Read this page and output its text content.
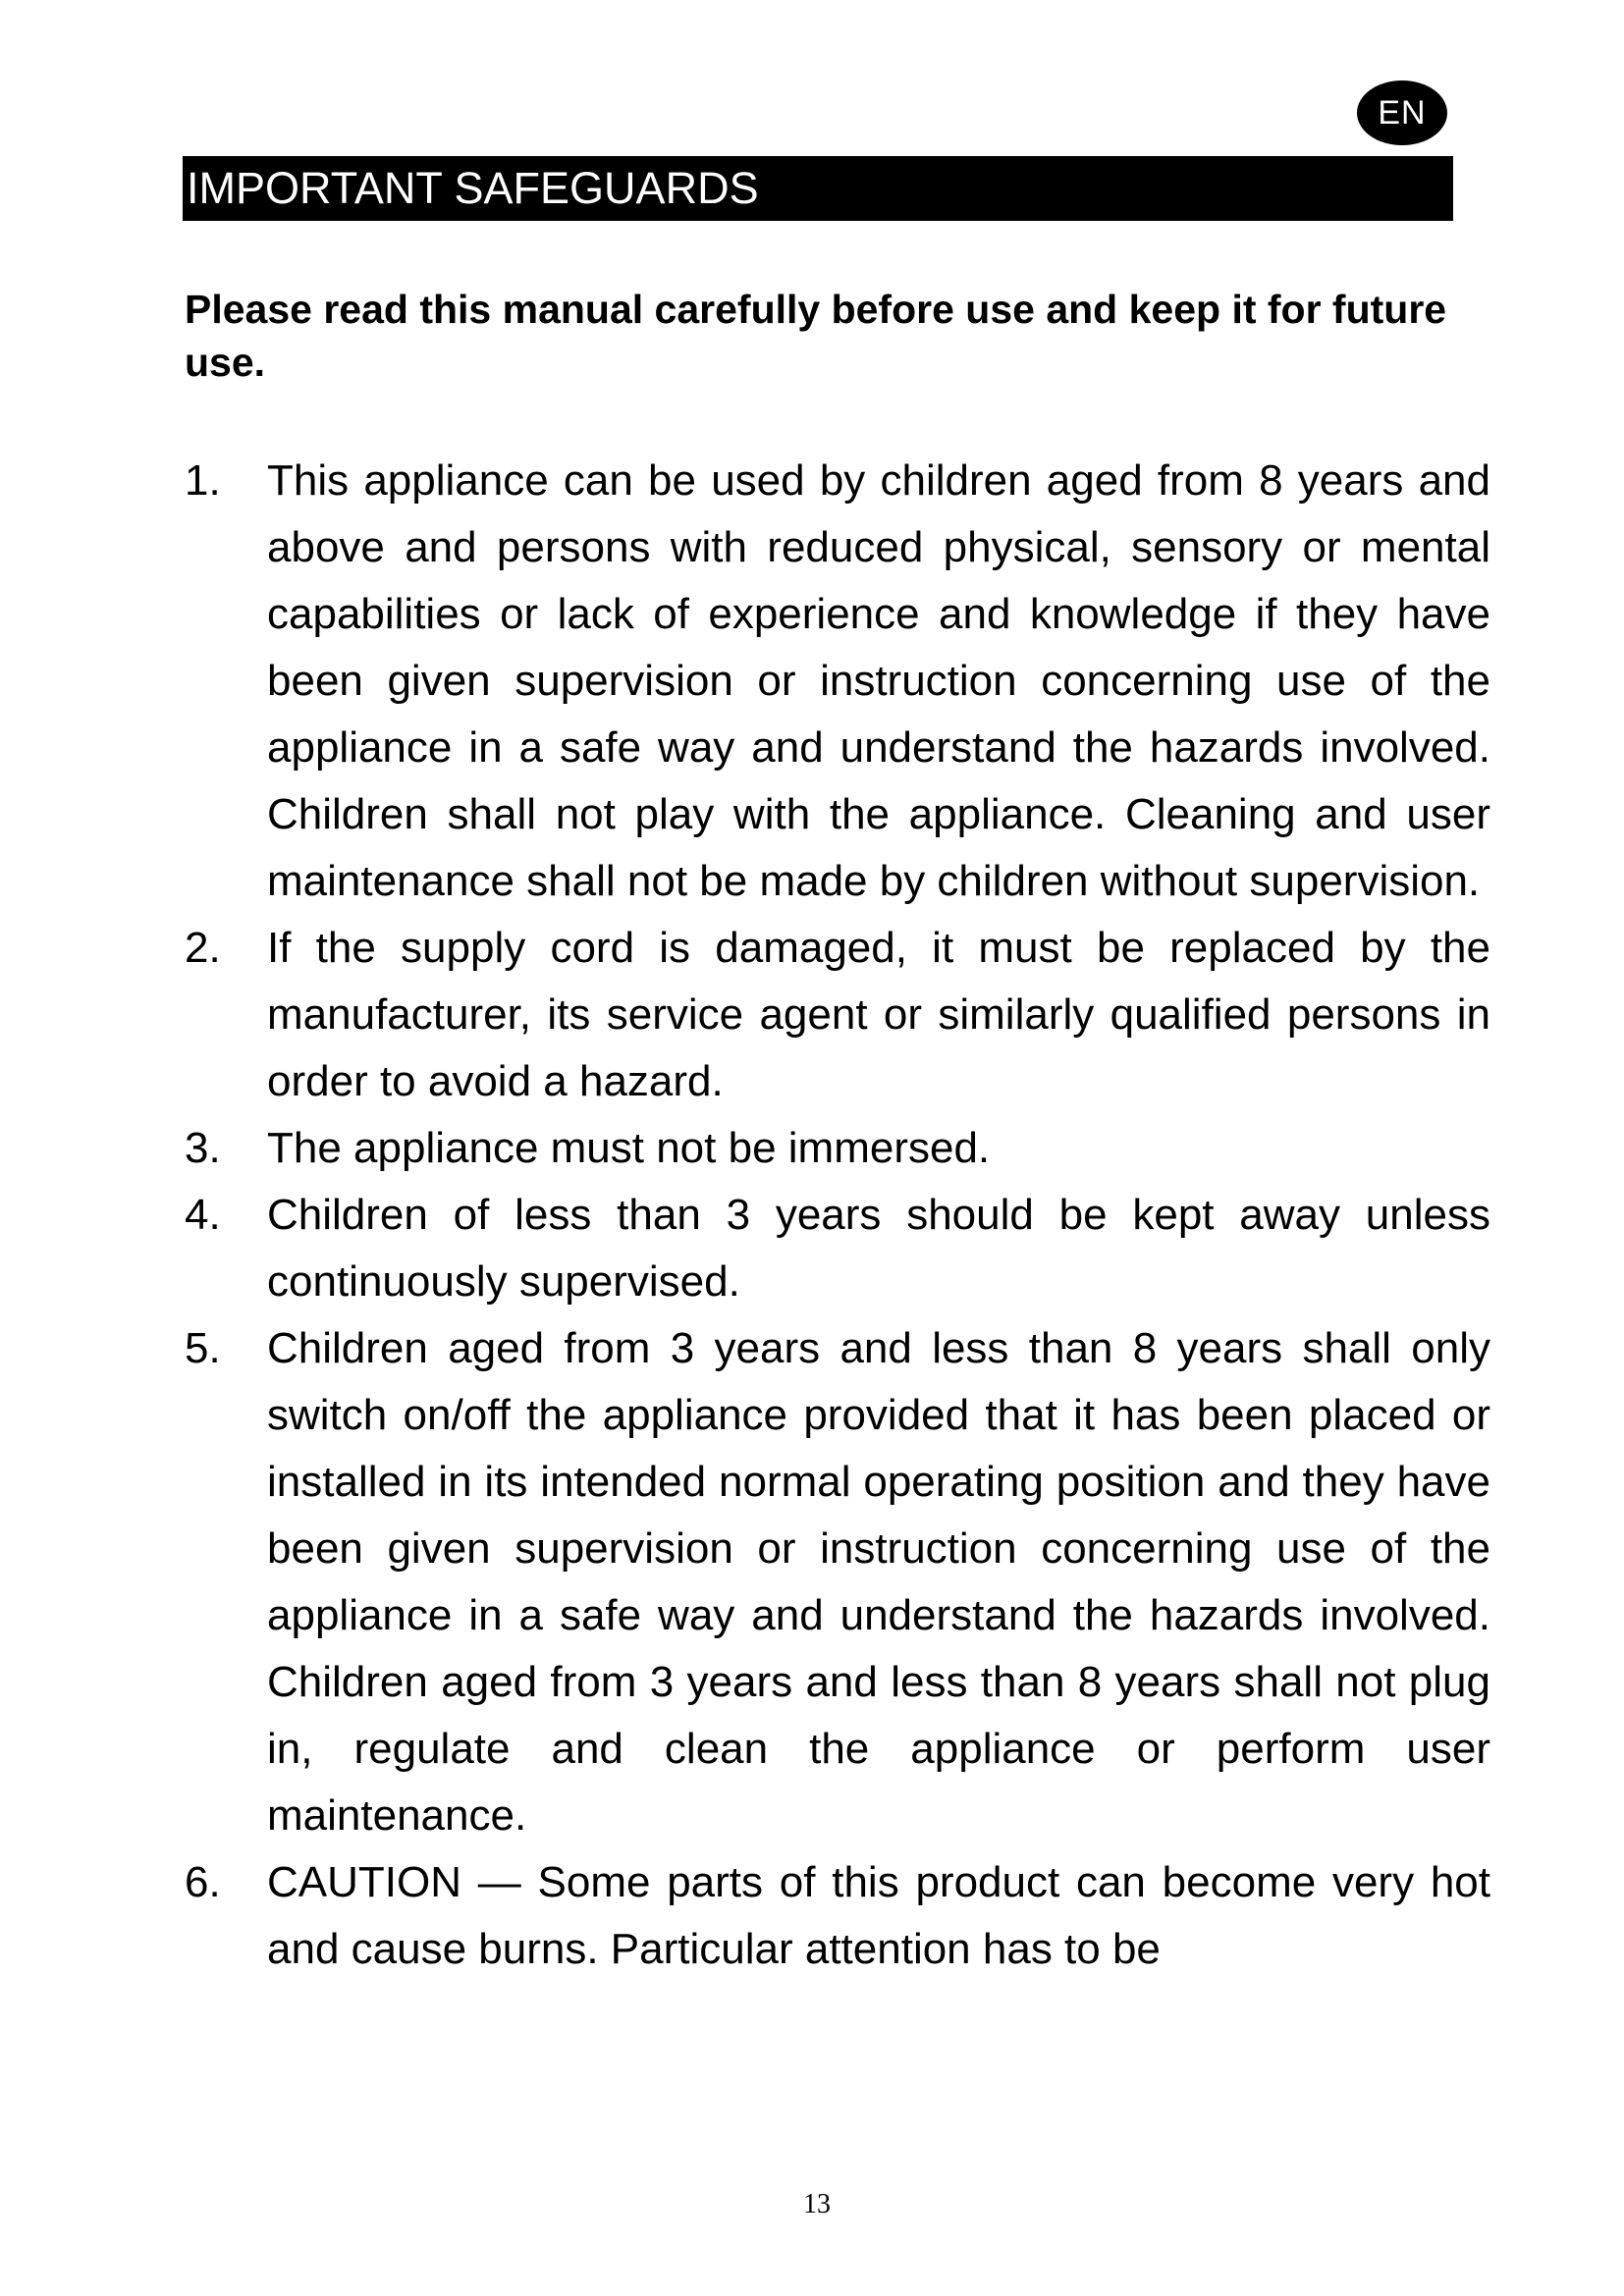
EN
IMPORTANT SAFEGUARDS
Please read this manual carefully before use and keep it for future use.
1. This appliance can be used by children aged from 8 years and above and persons with reduced physical, sensory or mental capabilities or lack of experience and knowledge if they have been given supervision or instruction concerning use of the appliance in a safe way and understand the hazards involved. Children shall not play with the appliance. Cleaning and user maintenance shall not be made by children without supervision.
2. If the supply cord is damaged, it must be replaced by the manufacturer, its service agent or similarly qualified persons in order to avoid a hazard.
3. The appliance must not be immersed.
4. Children of less than 3 years should be kept away unless continuously supervised.
5. Children aged from 3 years and less than 8 years shall only switch on/off the appliance provided that it has been placed or installed in its intended normal operating position and they have been given supervision or instruction concerning use of the appliance in a safe way and understand the hazards involved. Children aged from 3 years and less than 8 years shall not plug in, regulate and clean the appliance or perform user maintenance.
6. CAUTION — Some parts of this product can become very hot and cause burns. Particular attention has to be
13
